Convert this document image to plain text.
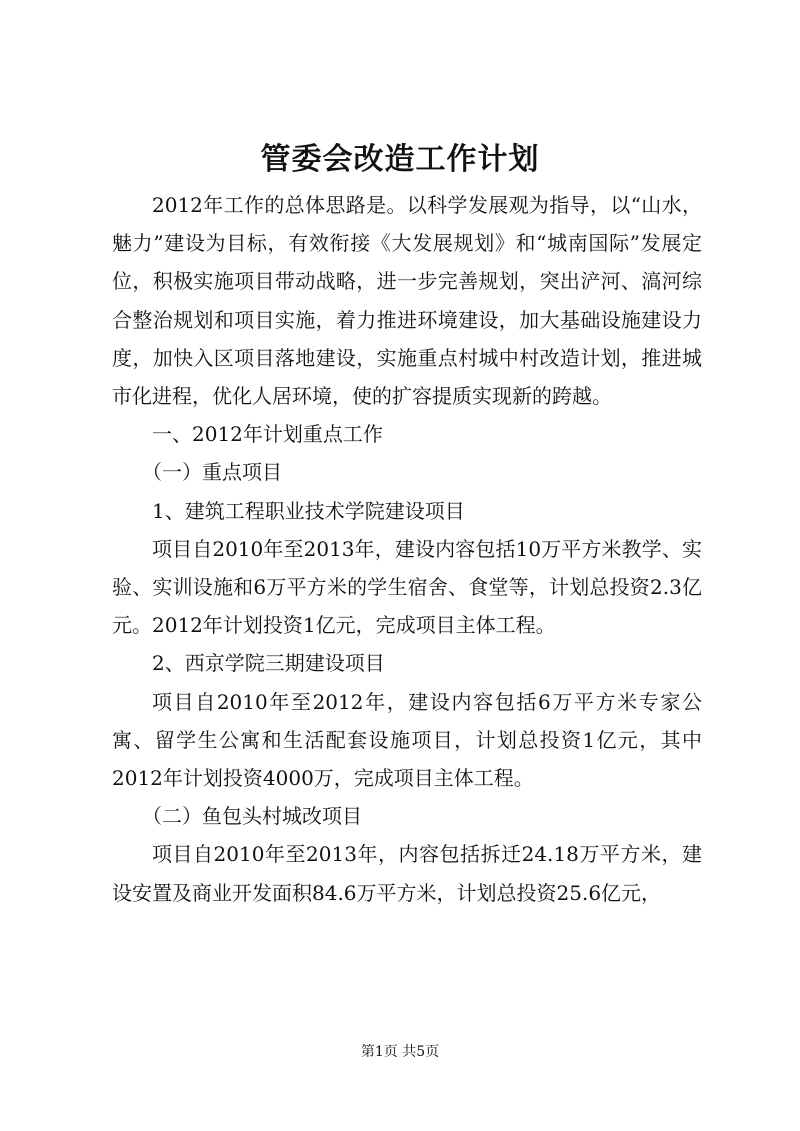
管委会改造工作计划

2012年工作的总体思路是。以科学发展观为指导，以“山水，魅力”建设为目标，有效衔接《大发展规划》和“城南国际”发展定位，积极实施项目带动战略，进一步完善规划，突出浐河、滈河综合整治规划和项目实施，着力推进环境建设，加大基础设施建设力度，加快入区项目落地建设，实施重点村城中村改造计划，推进城市化进程，优化人居环境，使的扩容提质实现新的跨越。

一、2012年计划重点工作

（一）重点项目

1、建筑工程职业技术学院建设项目

项目自2010年至2013年，建设内容包括10万平方米教学、实验、实训设施和6万平方米的学生宿舍、食堂等，计划总投资2.3亿元。2012年计划投资1亿元，完成项目主体工程。

2、西京学院三期建设项目

项目自2010年至2012年，建设内容包括6万平方米专家公寓、留学生公寓和生活配套设施项目，计划总投资1亿元，其中2012年计划投资4000万，完成项目主体工程。

（二）鱼包头村城改项目

项目自2010年至2013年，内容包括拆迁24.18万平方米，建设安置及商业开发面积84.6万平方米，计划总投资25.6亿元，

第1页 共5页
